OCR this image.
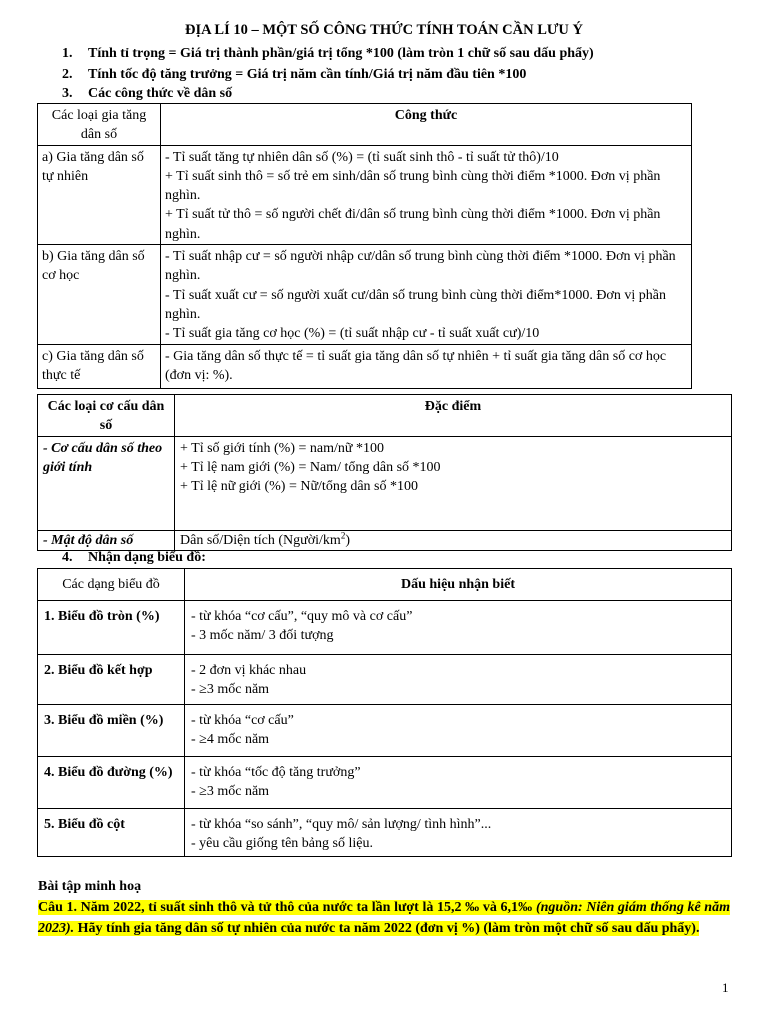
ĐỊA LÍ 10 – MỘT SỐ CÔNG THỨC TÍNH TOÁN CẦN LƯU Ý
1. Tính tỉ trọng = Giá trị thành phần/giá trị tổng *100 (làm tròn 1 chữ số sau dấu phẩy)
2. Tính tốc độ tăng trưởng = Giá trị năm cần tính/Giá trị năm đầu tiên *100
3. Các công thức về dân số
Các loại gia tăng dân số	Công thức
a) Gia tăng dân số tự nhiên	- Tỉ suất tăng tự nhiên dân số (%) = (tỉ suất sinh thô - tỉ suất tử thô)/10
+ Tỉ suất sinh thô = số trẻ em sinh/dân số trung bình cùng thời điểm *1000. Đơn vị phần nghìn.
+ Tỉ suất tử thô = số người chết đi/dân số trung bình cùng thời điểm *1000. Đơn vị phần nghìn.

b) Gia tăng dân số cơ học	- Tỉ suất nhập cư = số người nhập cư/dân số trung bình cùng thời điểm *1000. Đơn vị phần nghìn.
- Tỉ suất xuất cư = số người xuất cư/dân số trung bình cùng thời điểm*1000. Đơn vị phần nghìn.
- Tỉ suất gia tăng cơ học (%) = (tỉ suất nhập cư - tỉ suất xuất cư)/10

c) Gia tăng dân số thực tế	- Gia tăng dân số thực tế = tỉ suất gia tăng dân số tự nhiên + tỉ suất gia tăng dân số cơ học (đơn vị: %).
Các loại cơ cấu dân số	Đặc điểm
- Cơ cấu dân số theo giới tính	+ Tỉ số giới tính (%) = nam/nữ *100
+ Tỉ lệ nam giới (%) = Nam/ tổng dân số *100
+ Tỉ lệ nữ giới (%) = Nữ/tổng dân số *100

- Mật độ dân số	Dân số/Diện tích $(Người/km^2)$
4. Nhận dạng biểu đồ:
Các dạng biểu đồ	Dấu hiệu nhận biết
1. Biểu đồ tròn (%)	- từ khóa “cơ cấu”, “quy mô và cơ cấu”
- 3 mốc năm/ 3 đối tượng

2. Biểu đồ kết hợp	- 2 đơn vị khác nhau
- ≥3 mốc năm

3. Biểu đồ miền (%)	- từ khóa “cơ cấu”
- ≥4 mốc năm

4. Biểu đồ đường (%)	- từ khóa “tốc độ tăng trưởng”
- ≥3 mốc năm

5. Biểu đồ cột	- từ khóa “so sánh”, “quy mô/ sản lượng/ tình hình”...
- yêu cầu giống tên bảng số liệu.
Bài tập minh hoạ
Câu 1. Năm 2022, tỉ suất sinh thô và tử thô của nước ta lần lượt là 15,2 ‰ và 6,1‰ (nguồn: Niên giám thống kê năm 2023). Hãy tính gia tăng dân số tự nhiên của nước ta năm 2022 (đơn vị %) (làm tròn một chữ số sau dấu phẩy).
1
